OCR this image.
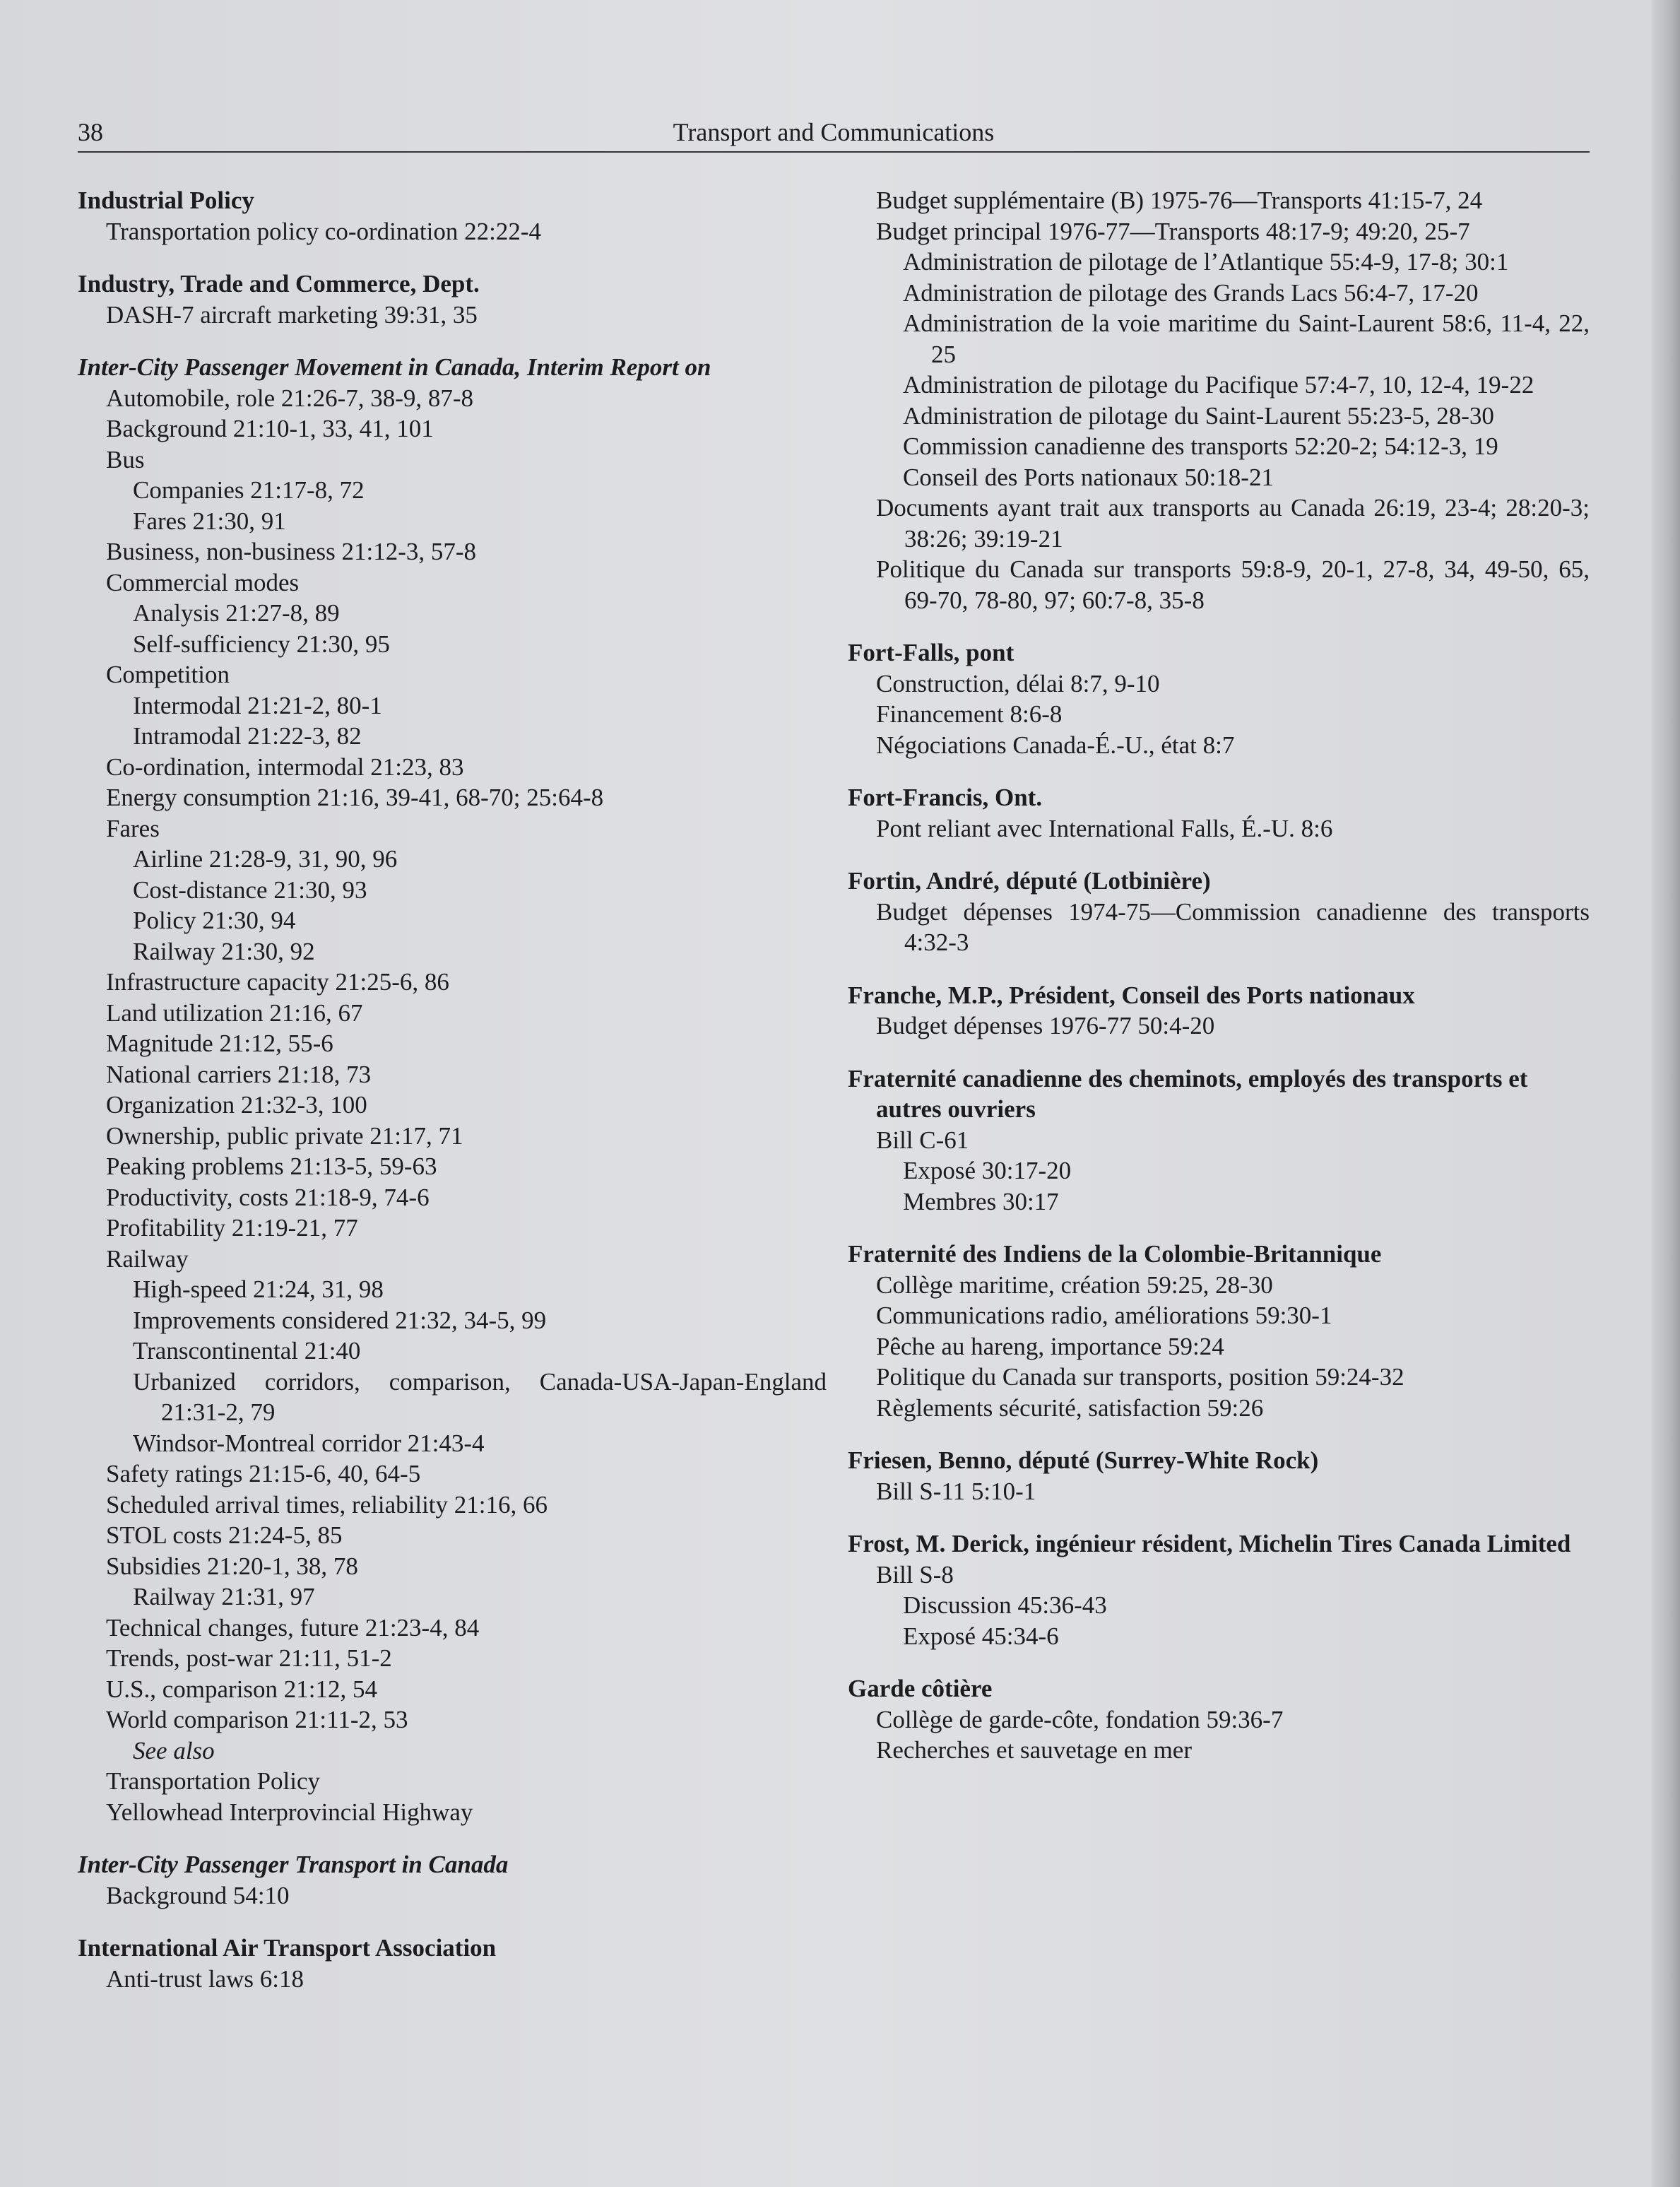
38	Transport and Communications
Industrial Policy
Transportation policy co-ordination 22:22-4
Industry, Trade and Commerce, Dept.
DASH-7 aircraft marketing 39:31, 35
Inter-City Passenger Movement in Canada, Interim Report on
Automobile, role 21:26-7, 38-9, 87-8
Background 21:10-1, 33, 41, 101
Bus
Companies 21:17-8, 72
Fares 21:30, 91
Business, non-business 21:12-3, 57-8
Commercial modes
Analysis 21:27-8, 89
Self-sufficiency 21:30, 95
Competition
Intermodal 21:21-2, 80-1
Intramodal 21:22-3, 82
Co-ordination, intermodal 21:23, 83
Energy consumption 21:16, 39-41, 68-70; 25:64-8
Fares
Airline 21:28-9, 31, 90, 96
Cost-distance 21:30, 93
Policy 21:30, 94
Railway 21:30, 92
Infrastructure capacity 21:25-6, 86
Land utilization 21:16, 67
Magnitude 21:12, 55-6
National carriers 21:18, 73
Organization 21:32-3, 100
Ownership, public private 21:17, 71
Peaking problems 21:13-5, 59-63
Productivity, costs 21:18-9, 74-6
Profitability 21:19-21, 77
Railway
High-speed 21:24, 31, 98
Improvements considered 21:32, 34-5, 99
Transcontinental 21:40
Urbanized corridors, comparison, Canada-USA-Japan-England 21:31-2, 79
Windsor-Montreal corridor 21:43-4
Safety ratings 21:15-6, 40, 64-5
Scheduled arrival times, reliability 21:16, 66
STOL costs 21:24-5, 85
Subsidies 21:20-1, 38, 78
Railway 21:31, 97
Technical changes, future 21:23-4, 84
Trends, post-war 21:11, 51-2
U.S., comparison 21:12, 54
World comparison 21:11-2, 53
See also
Transportation Policy
Yellowhead Interprovincial Highway
Inter-City Passenger Transport in Canada
Background 54:10
International Air Transport Association
Anti-trust laws 6:18
Budget supplémentaire (B) 1975-76—Transports 41:15-7, 24
Budget principal 1976-77—Transports 48:17-9; 49:20, 25-7
Administration de pilotage de l’Atlantique 55:4-9, 17-8; 30:1
Administration de pilotage des Grands Lacs 56:4-7, 17-20
Administration de la voie maritime du Saint-Laurent 58:6, 11-4, 22, 25
Administration de pilotage du Pacifique 57:4-7, 10, 12-4, 19-22
Administration de pilotage du Saint-Laurent 55:23-5, 28-30
Commission canadienne des transports 52:20-2; 54:12-3, 19
Conseil des Ports nationaux 50:18-21
Documents ayant trait aux transports au Canada 26:19, 23-4; 28:20-3; 38:26; 39:19-21
Politique du Canada sur transports 59:8-9, 20-1, 27-8, 34, 49-50, 65, 69-70, 78-80, 97; 60:7-8, 35-8
Fort-Falls, pont
Construction, délai 8:7, 9-10
Financement 8:6-8
Négociations Canada-É.-U., état 8:7
Fort-Francis, Ont.
Pont reliant avec International Falls, É.-U. 8:6
Fortin, André, député (Lotbinière)
Budget dépenses 1974-75—Commission canadienne des transports 4:32-3
Franche, M.P., Président, Conseil des Ports nationaux
Budget dépenses 1976-77 50:4-20
Fraternité canadienne des cheminots, employés des transports et autres ouvriers
Bill C-61
Exposé 30:17-20
Membres 30:17
Fraternité des Indiens de la Colombie-Britannique
Collège maritime, création 59:25, 28-30
Communications radio, améliorations 59:30-1
Pêche au hareng, importance 59:24
Politique du Canada sur transports, position 59:24-32
Règlements sécurité, satisfaction 59:26
Friesen, Benno, député (Surrey-White Rock)
Bill S-11 5:10-1
Frost, M. Derick, ingénieur résident, Michelin Tires Canada Limited
Bill S-8
Discussion 45:36-43
Exposé 45:34-6
Garde côtière
Collège de garde-côte, fondation 59:36-7
Recherches et sauvetage en mer
